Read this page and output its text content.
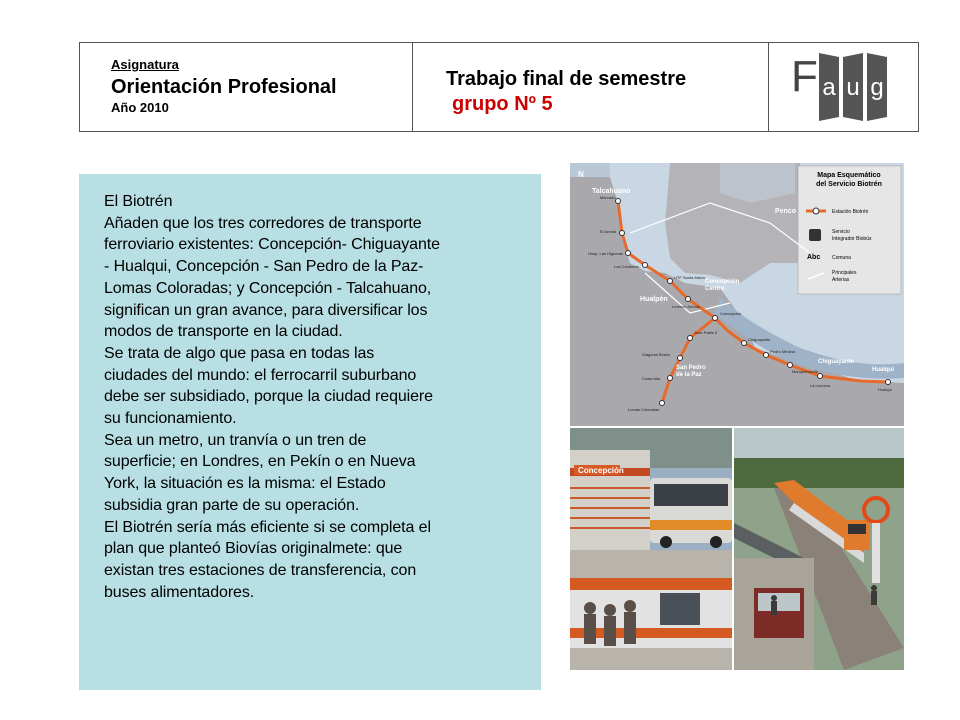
Asignatura
Orientación Profesional
Año 2010
Trabajo final de semestre
grupo Nº 5
F a u g
El Biotrén
Añaden que los tres corredores de transporte
ferroviario existentes: Concepción- Chiguayante
- Hualqui, Concepción - San Pedro de la Paz-
Lomas Coloradas; y Concepción - Talcahuano,
significan un gran avance, para diversificar los
modos de transporte en la ciudad.
Se trata de algo que pasa en todas las
ciudades del mundo: el ferrocarril suburbano
debe ser subsidiado, porque la ciudad requiere
su funcionamiento.
Sea un metro, un tranvía o un tren de
superficie; en Londres, en Pekín o en Nueva
York, la situación es la misma: el Estado
subsidia gran parte de su operación.
El Biotrén sería más eficiente si se completa el
plan que planteó Biovías originalmete: que
existan tres estaciones de transferencia, con
buses alimentadores.
Mapa Esquemático
del Servicio Biotrén
Estación Biotrén
Servicio
Integrador Biobús
Abc Comuna
Principales
Arterias
Talcahuano
Penco
Concepción
Centro
Hualpén
San Pedro
de la Paz
Chiguayante
Hualqui
Mercado
El Arenal
Hosp. Las Higueras
Los Cóndores
UTF Santa María
Lorenzo Arenas
Concepción
Juan Pablo II
Diagonal Biobío
Costa Mar
Lomas Coloradas
Chiguayante
Pedro Medina
Manquimávida
La Leonera
Hualqui
N
Concepción
